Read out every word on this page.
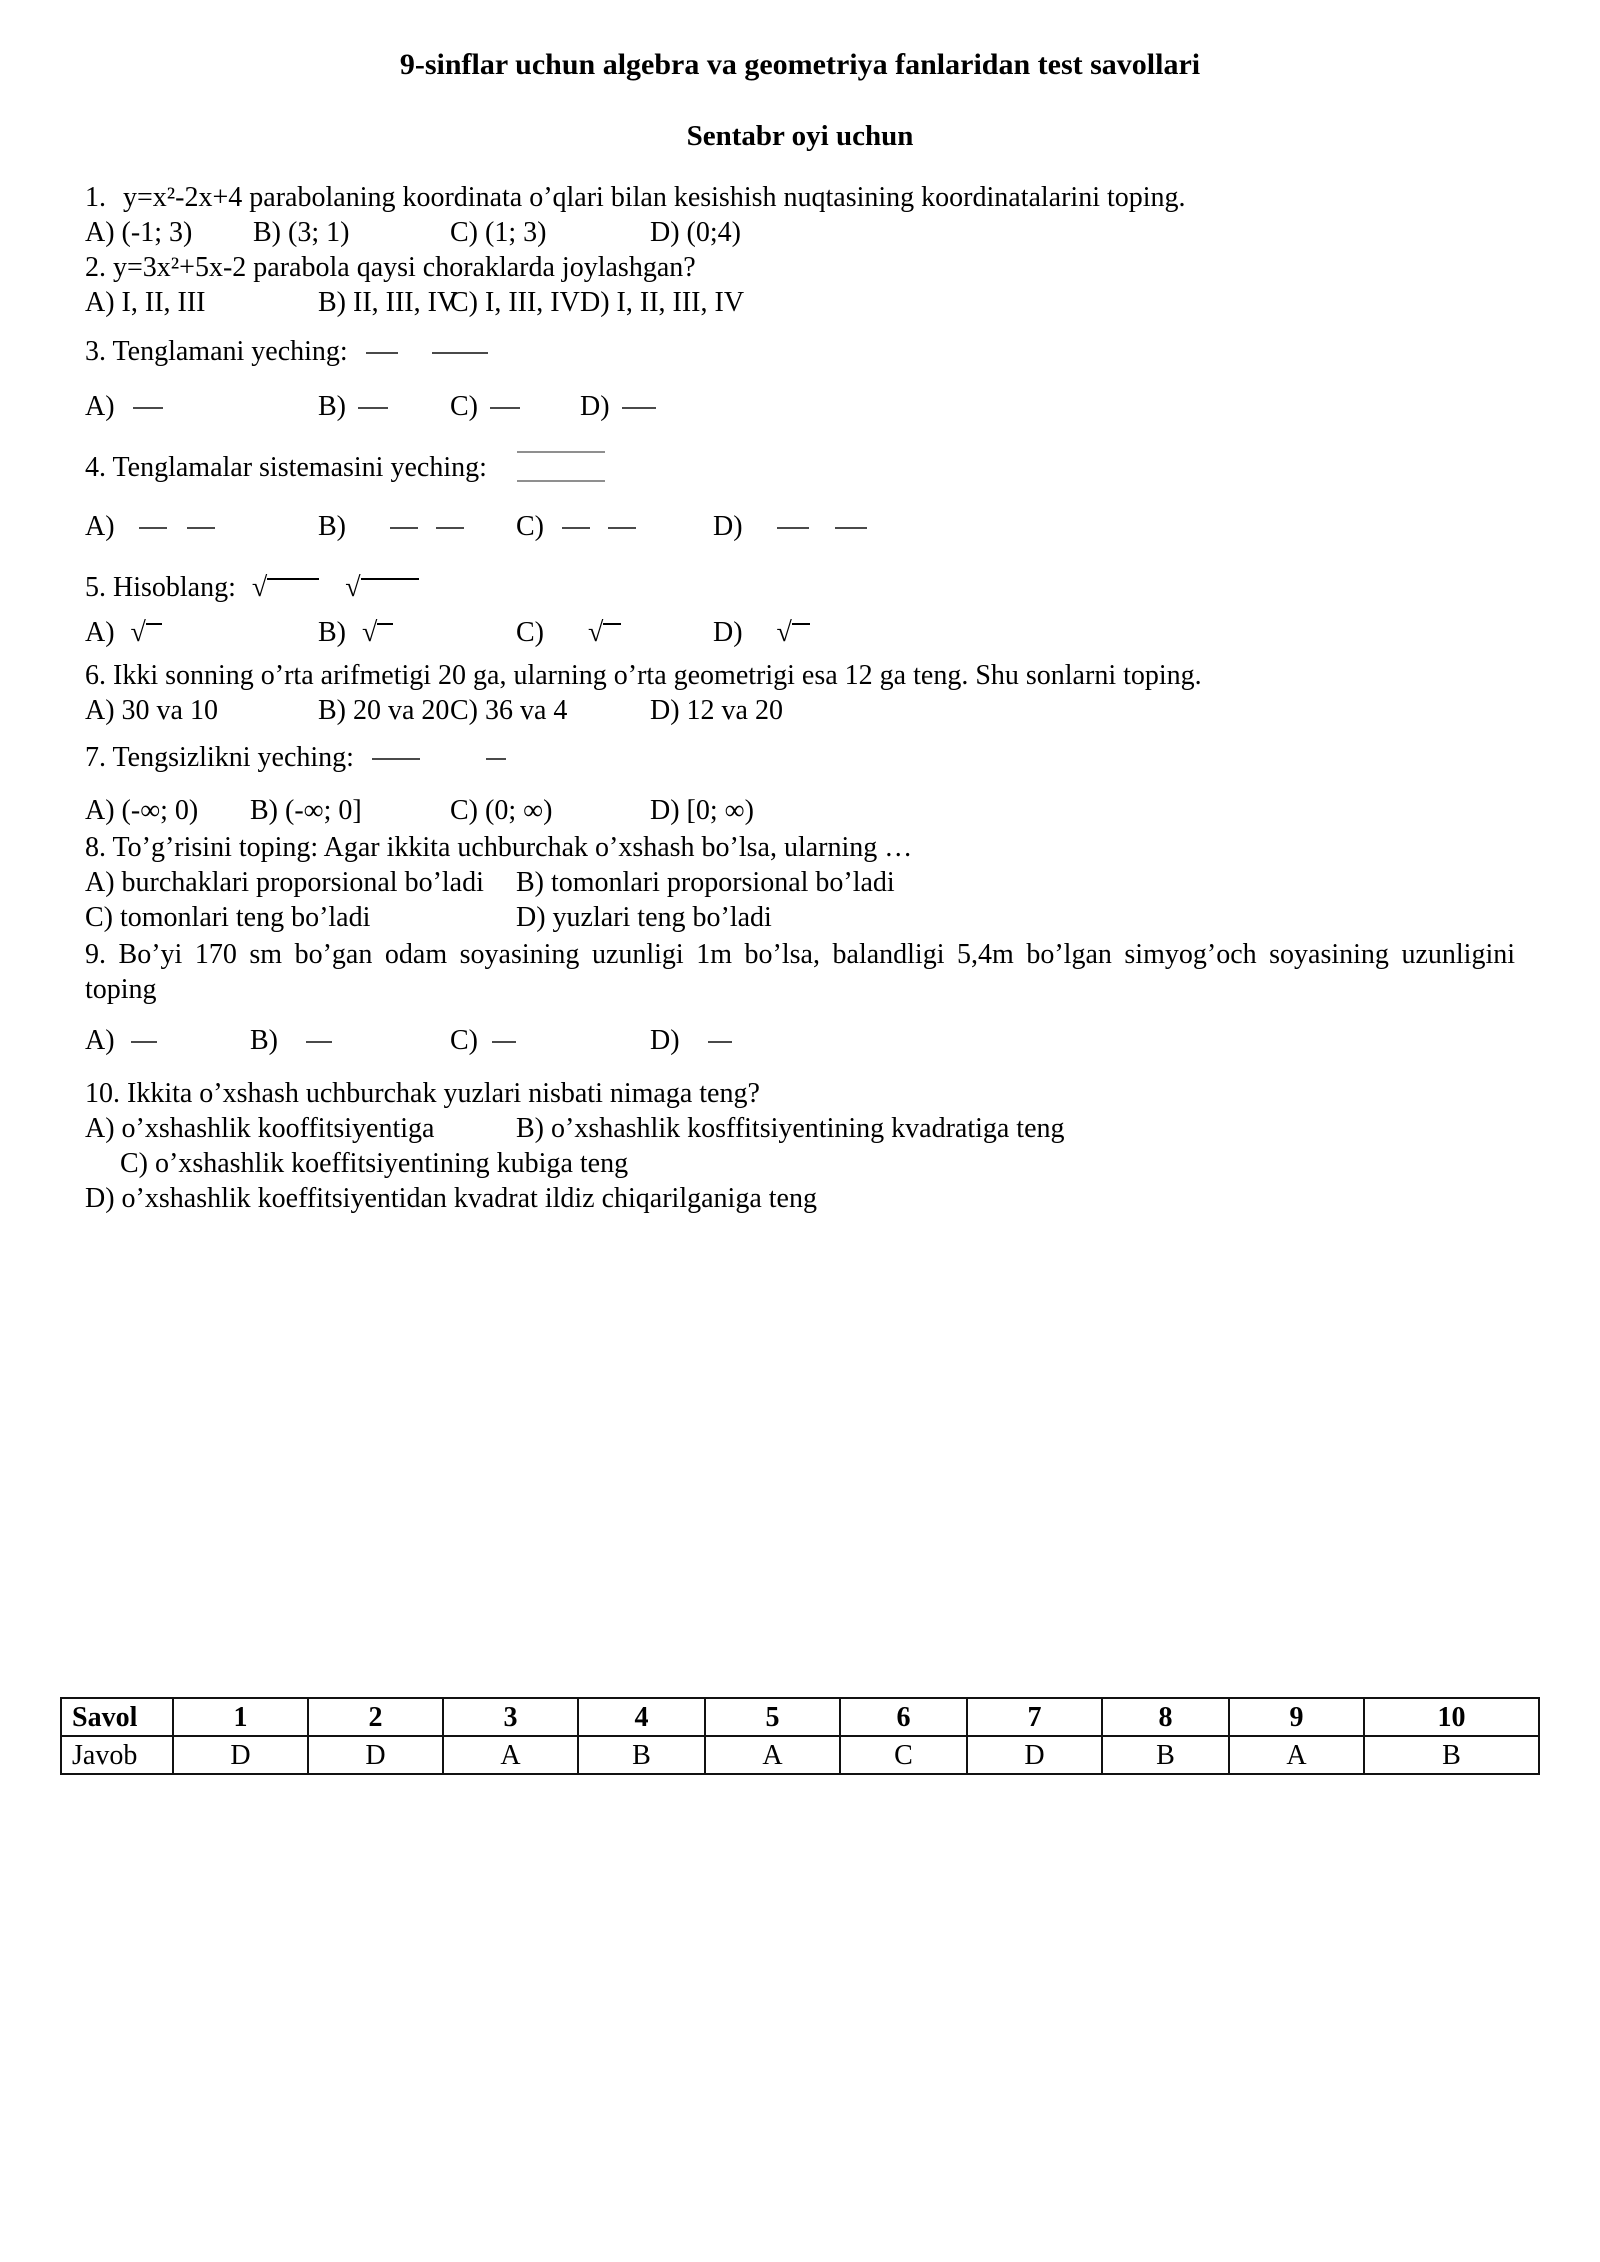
9-sinflar uchun algebra va geometriya fanlaridan test savollari
Sentabr oyi uchun
1. y=x²-2x+4 parabolaning koordinata o’qlari bilan kesishish nuqtasining koordinatalarini toping.
A) (-1; 3)	B) (3; 1)	C) (1; 3)	D) (0;4)
2. y=3x²+5x-2 parabola qaysi choraklarda joylashgan?
A) I, II, III	B) II, III, IV
C) I, III, IV D) I, II, III, IV
3. Tenglamani yeching:
A)	B)	C)	D)
4. Tenglamalar sistemasini yeching:
A)	B)	C)	D)
5. Hisoblang: √	√
A) √	B) √	C) √	D) √
6. Ikki sonning o’rta arifmetigi 20 ga, ularning o’rta geometrigi esa 12 ga teng. Shu sonlarni toping.
A) 30 va 10	B) 20 va 20 C) 36 va 4	D) 12 va 20
7. Tengsizlikni yeching:
A) (-∞; 0)	B) (-∞; 0]	C) (0; ∞)	D) [0; ∞)
8. To’g’risini toping: Agar ikkita uchburchak o’xshash bo’lsa, ularning …
A) burchaklari proporsional bo’ladi	B) tomonlari proporsional bo’ladi
C) tomonlari teng bo’ladi	D) yuzlari teng bo’ladi
9. Bo’yi 170 sm bo’gan odam soyasining uzunligi 1m bo’lsa, balandligi 5,4m bo’lgan simyog’och soyasining uzunligini toping
A)	B)	C)	D)
10. Ikkita o’xshash uchburchak yuzlari nisbati nimaga teng?
A) o’xshashlik kooffitsiyentiga	B) o’xshashlik kosffitsiyentining kvadratiga teng
C) o’xshashlik koeffitsiyentining kubiga teng
D) o’xshashlik koeffitsiyentidan kvadrat ildiz chiqarilganiga teng
Savol	1	2	3	4	5	6	7	8	9	10
Javob	D	D	A	B	A	C	D	B	A	B
